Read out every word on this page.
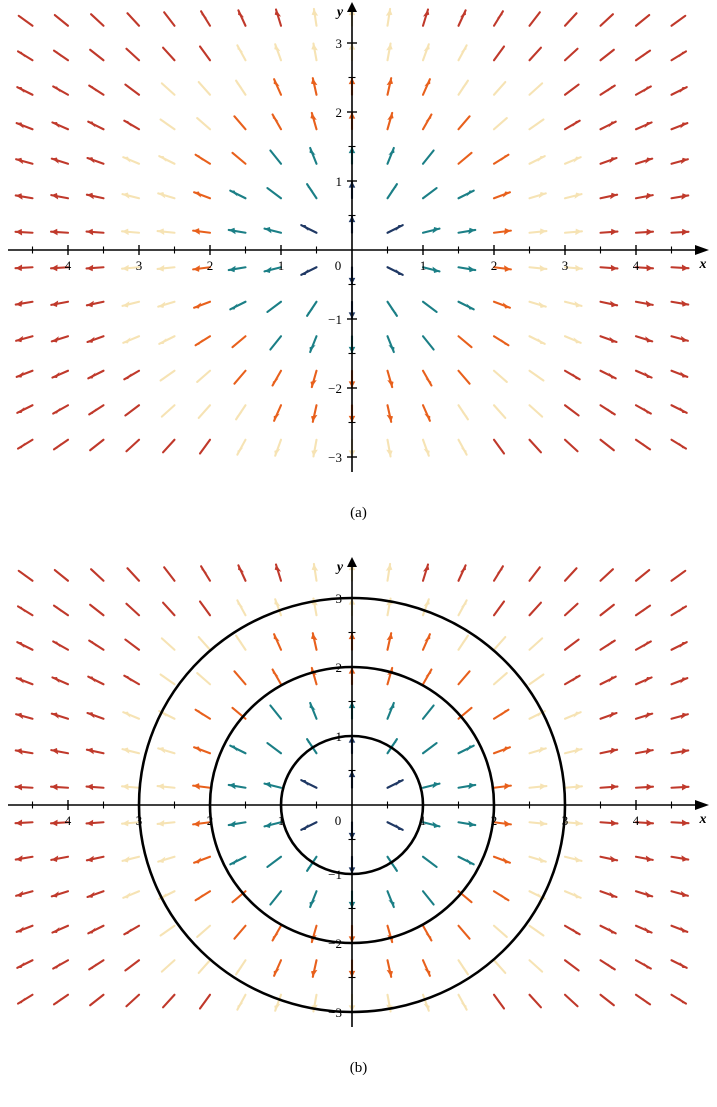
4	3	2	1	1	2	3	4
−3
−2
−1
1
2
3
0	x
y
(a)
4	3	2	1	1	2	3	4
−3
−2
−1
1
2
3
0	x
y
(b)
